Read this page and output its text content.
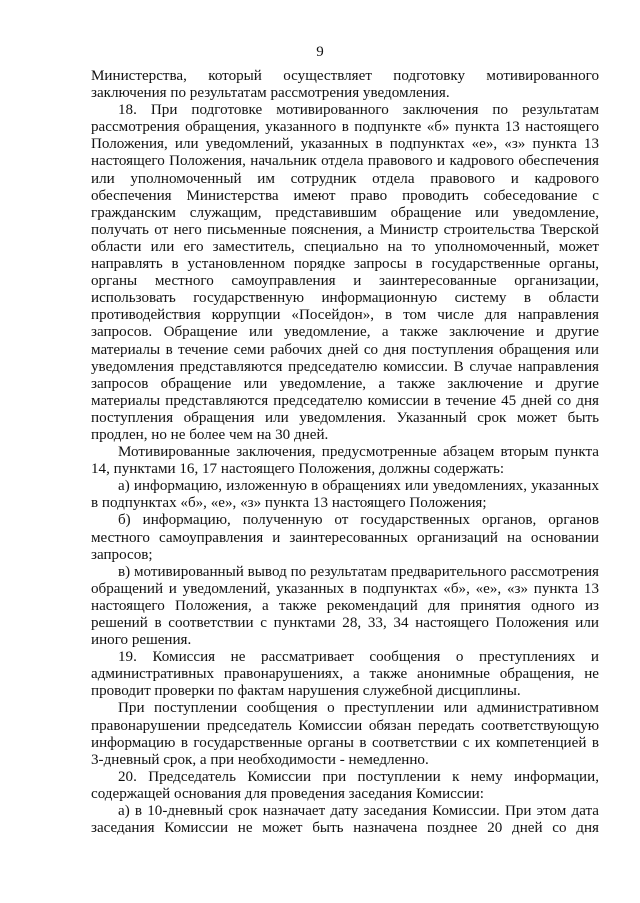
9

Министерства, который осуществляет подготовку мотивированного заключения по результатам рассмотрения уведомления.

18. При подготовке мотивированного заключения по результатам рассмотрения обращения, указанного в подпункте «б» пункта 13 настоящего Положения, или уведомлений, указанных в подпунктах «е», «з» пункта 13 настоящего Положения, начальник отдела правового и кадрового обеспечения или уполномоченный им сотрудник отдела правового и кадрового обеспечения Министерства имеют право проводить собеседование с гражданским служащим, представившим обращение или уведомление, получать от него письменные пояснения, а Министр строительства Тверской области или его заместитель, специально на то уполномоченный, может направлять в установленном порядке запросы в государственные органы, органы местного самоуправления и заинтересованные организации, использовать государственную информационную систему в области противодействия коррупции «Посейдон», в том числе для направления запросов. Обращение или уведомление, а также заключение и другие материалы в течение семи рабочих дней со дня поступления обращения или уведомления представляются председателю комиссии. В случае направления запросов обращение или уведомление, а также заключение и другие материалы представляются председателю комиссии в течение 45 дней со дня поступления обращения или уведомления. Указанный срок может быть продлен, но не более чем на 30 дней.

Мотивированные заключения, предусмотренные абзацем вторым пункта 14, пунктами 16, 17 настоящего Положения, должны содержать:

а) информацию, изложенную в обращениях или уведомлениях, указанных в подпунктах «б», «е», «з» пункта 13 настоящего Положения;

б) информацию, полученную от государственных органов, органов местного самоуправления и заинтересованных организаций на основании запросов;

в) мотивированный вывод по результатам предварительного рассмотрения обращений и уведомлений, указанных в подпунктах «б», «е», «з» пункта 13 настоящего Положения, а также рекомендаций для принятия одного из решений в соответствии с пунктами 28, 33, 34 настоящего Положения или иного решения.

19. Комиссия не рассматривает сообщения о преступлениях и административных правонарушениях, а также анонимные обращения, не проводит проверки по фактам нарушения служебной дисциплины.

При поступлении сообщения о преступлении или административном правонарушении председатель Комиссии обязан передать соответствующую информацию в государственные органы в соответствии с их компетенцией в 3-дневный срок, а при необходимости - немедленно.

20. Председатель Комиссии при поступлении к нему информации, содержащей основания для проведения заседания Комиссии:

а) в 10-дневный срок назначает дату заседания Комиссии. При этом дата заседания Комиссии не может быть назначена позднее 20 дней со дня
